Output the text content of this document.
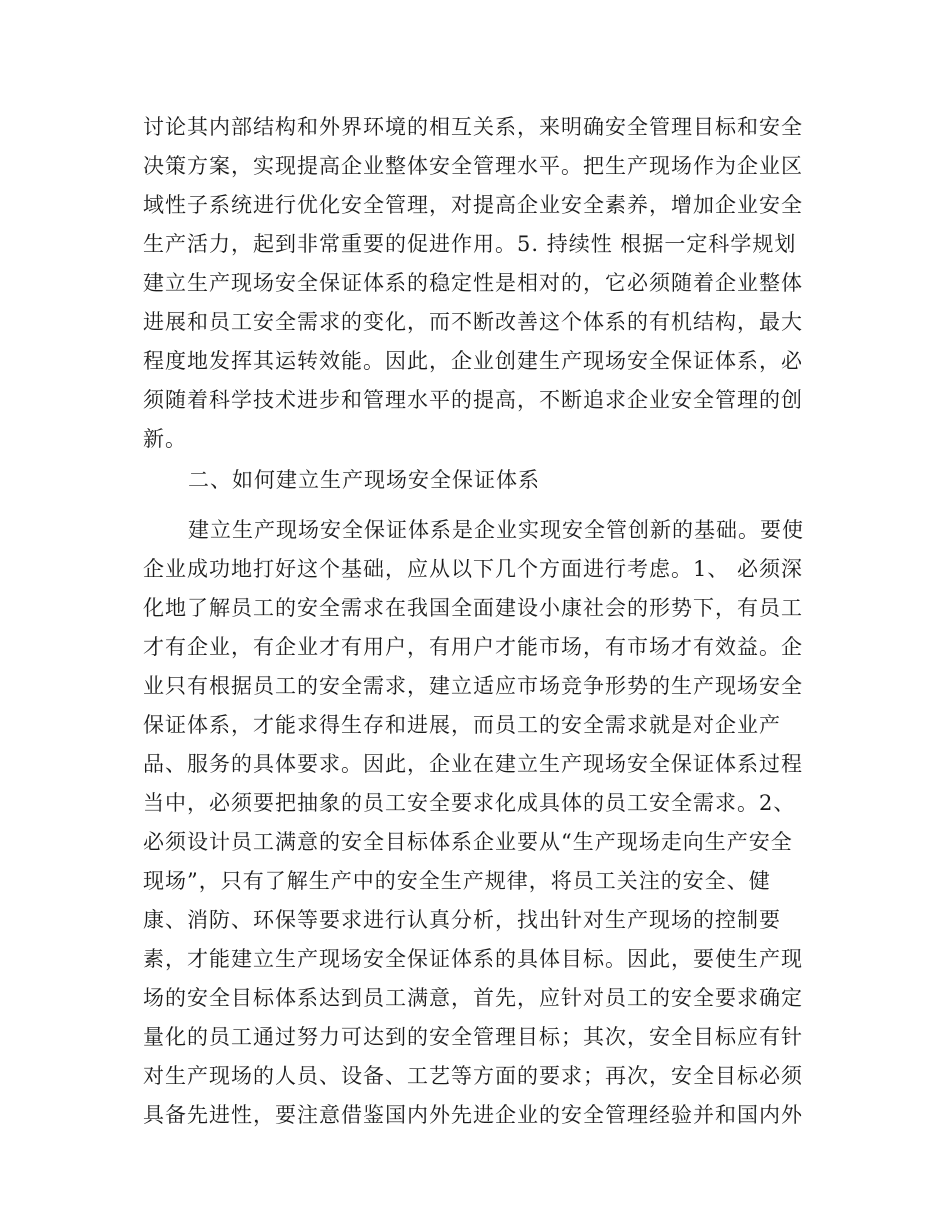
讨论其内部结构和外界环境的相互关系，来明确安全管理目标和安全
决策方案，实现提高企业整体安全管理水平。把生产现场作为企业区
域性子系统进行优化安全管理，对提高企业安全素养，增加企业安全
生产活力，起到非常重要的促进作用。5. 持续性 根据一定科学规划
建立生产现场安全保证体系的稳定性是相对的，它必须随着企业整体
进展和员工安全需求的变化，而不断改善这个体系的有机结构，最大
程度地发挥其运转效能。因此，企业创建生产现场安全保证体系，必
须随着科学技术进步和管理水平的提高，不断追求企业安全管理的创
新。
二、如何建立生产现场安全保证体系
建立生产现场安全保证体系是企业实现安全管创新的基础。要使
企业成功地打好这个基础，应从以下几个方面进行考虑。1、 必须深
化地了解员工的安全需求在我国全面建设小康社会的形势下，有员工
才有企业，有企业才有用户，有用户才能市场，有市场才有效益。企
业只有根据员工的安全需求，建立适应市场竞争形势的生产现场安全
保证体系，才能求得生存和进展，而员工的安全需求就是对企业产
品、服务的具体要求。因此，企业在建立生产现场安全保证体系过程
当中，必须要把抽象的员工安全要求化成具体的员工安全需求。2、
必须设计员工满意的安全目标体系企业要从“生产现场走向生产安全
现场”，只有了解生产中的安全生产规律，将员工关注的安全、健
康、消防、环保等要求进行认真分析，找出针对生产现场的控制要
素，才能建立生产现场安全保证体系的具体目标。因此，要使生产现
场的安全目标体系达到员工满意，首先，应针对员工的安全要求确定
量化的员工通过努力可达到的安全管理目标；其次，安全目标应有针
对生产现场的人员、设备、工艺等方面的要求；再次，安全目标必须
具备先进性，要注意借鉴国内外先进企业的安全管理经验并和国内外
